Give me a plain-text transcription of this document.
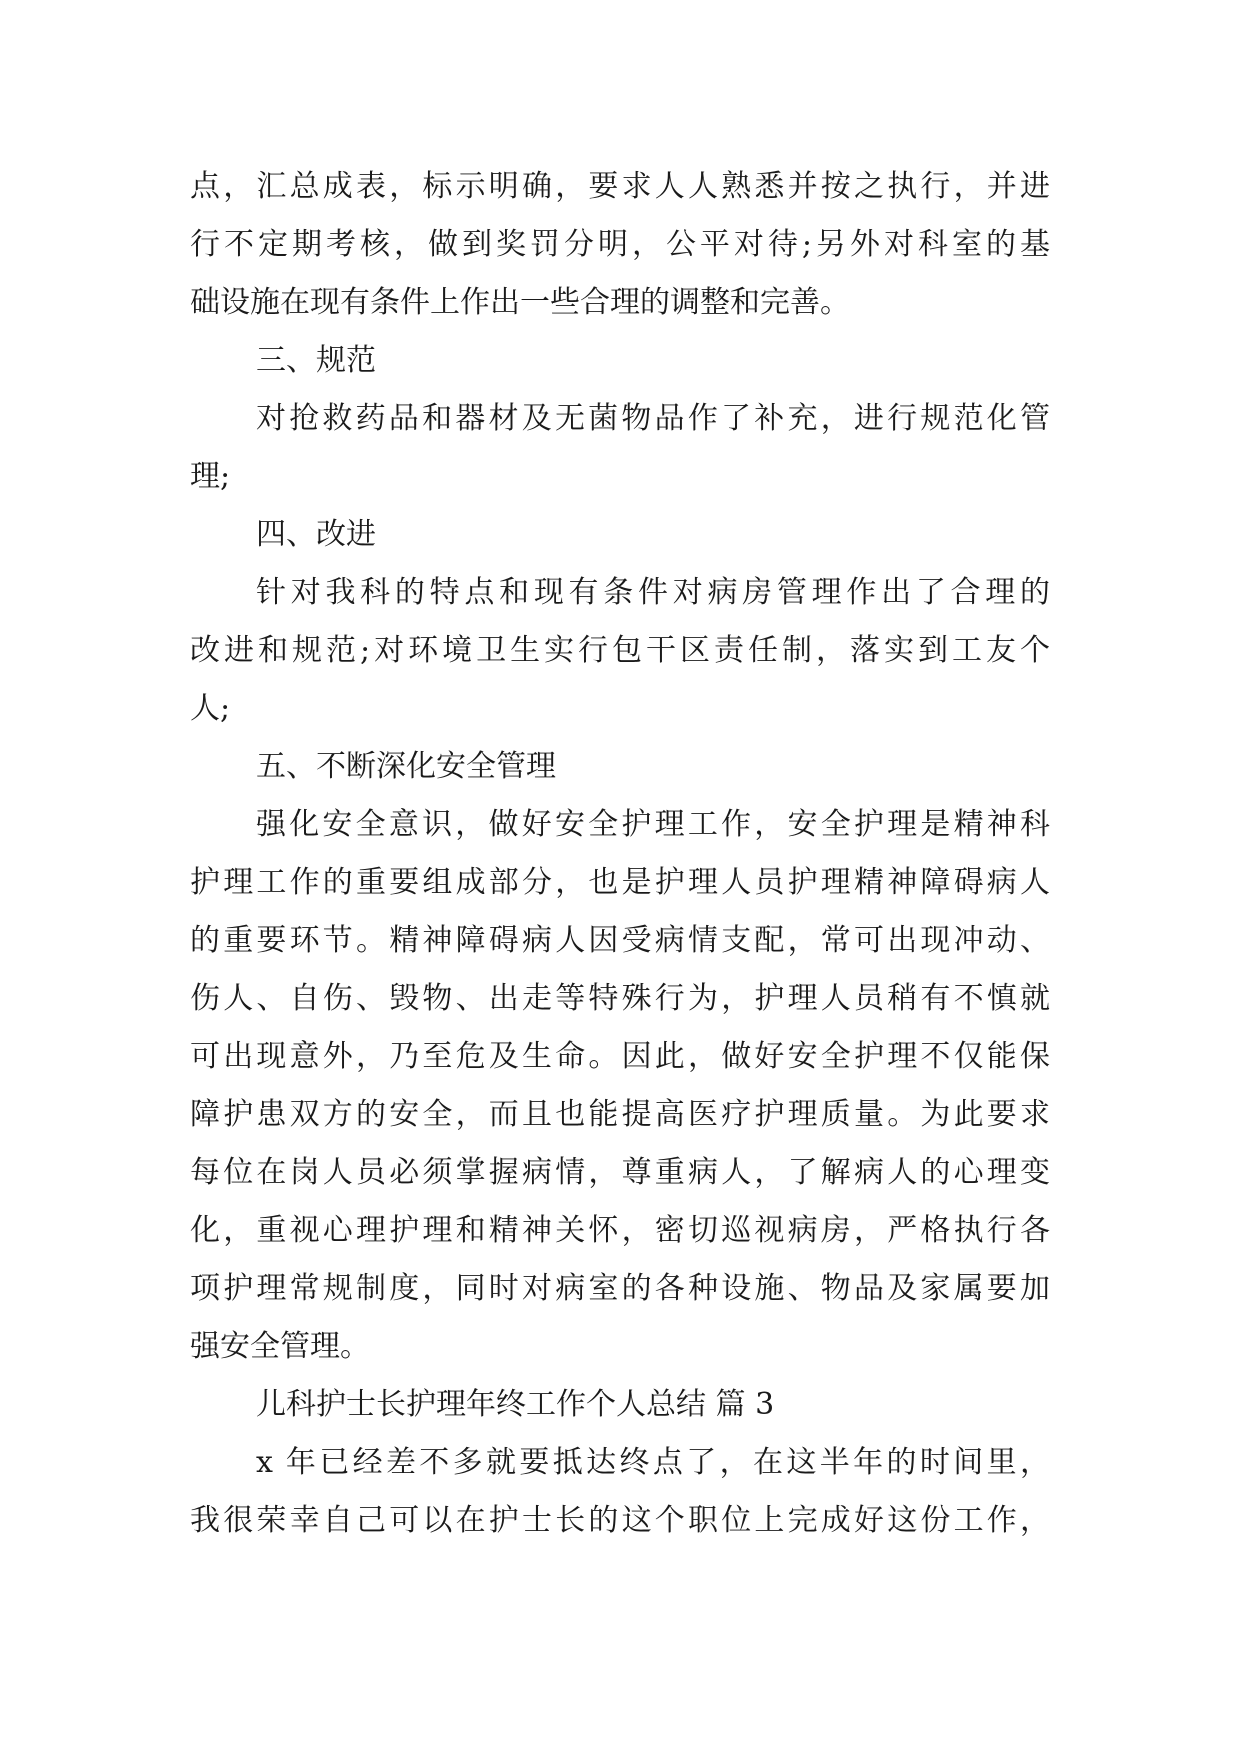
点，汇总成表，标示明确，要求人人熟悉并按之执行，并进
行不定期考核，做到奖罚分明，公平对待;另外对科室的基
础设施在现有条件上作出一些合理的调整和完善。
三、规范
对抢救药品和器材及无菌物品作了补充，进行规范化管
理;
四、改进
针对我科的特点和现有条件对病房管理作出了合理的
改进和规范;对环境卫生实行包干区责任制，落实到工友个
人;
五、不断深化安全管理
强化安全意识，做好安全护理工作，安全护理是精神科
护理工作的重要组成部分，也是护理人员护理精神障碍病人
的重要环节。精神障碍病人因受病情支配，常可出现冲动、
伤人、自伤、毁物、出走等特殊行为，护理人员稍有不慎就
可出现意外，乃至危及生命。因此，做好安全护理不仅能保
障护患双方的安全，而且也能提高医疗护理质量。为此要求
每位在岗人员必须掌握病情，尊重病人，了解病人的心理变
化，重视心理护理和精神关怀，密切巡视病房，严格执行各
项护理常规制度，同时对病室的各种设施、物品及家属要加
强安全管理。
儿科护士长护理年终工作个人总结 篇 3
x 年已经差不多就要抵达终点了，在这半年的时间里，
我很荣幸自己可以在护士长的这个职位上完成好这份工作，
